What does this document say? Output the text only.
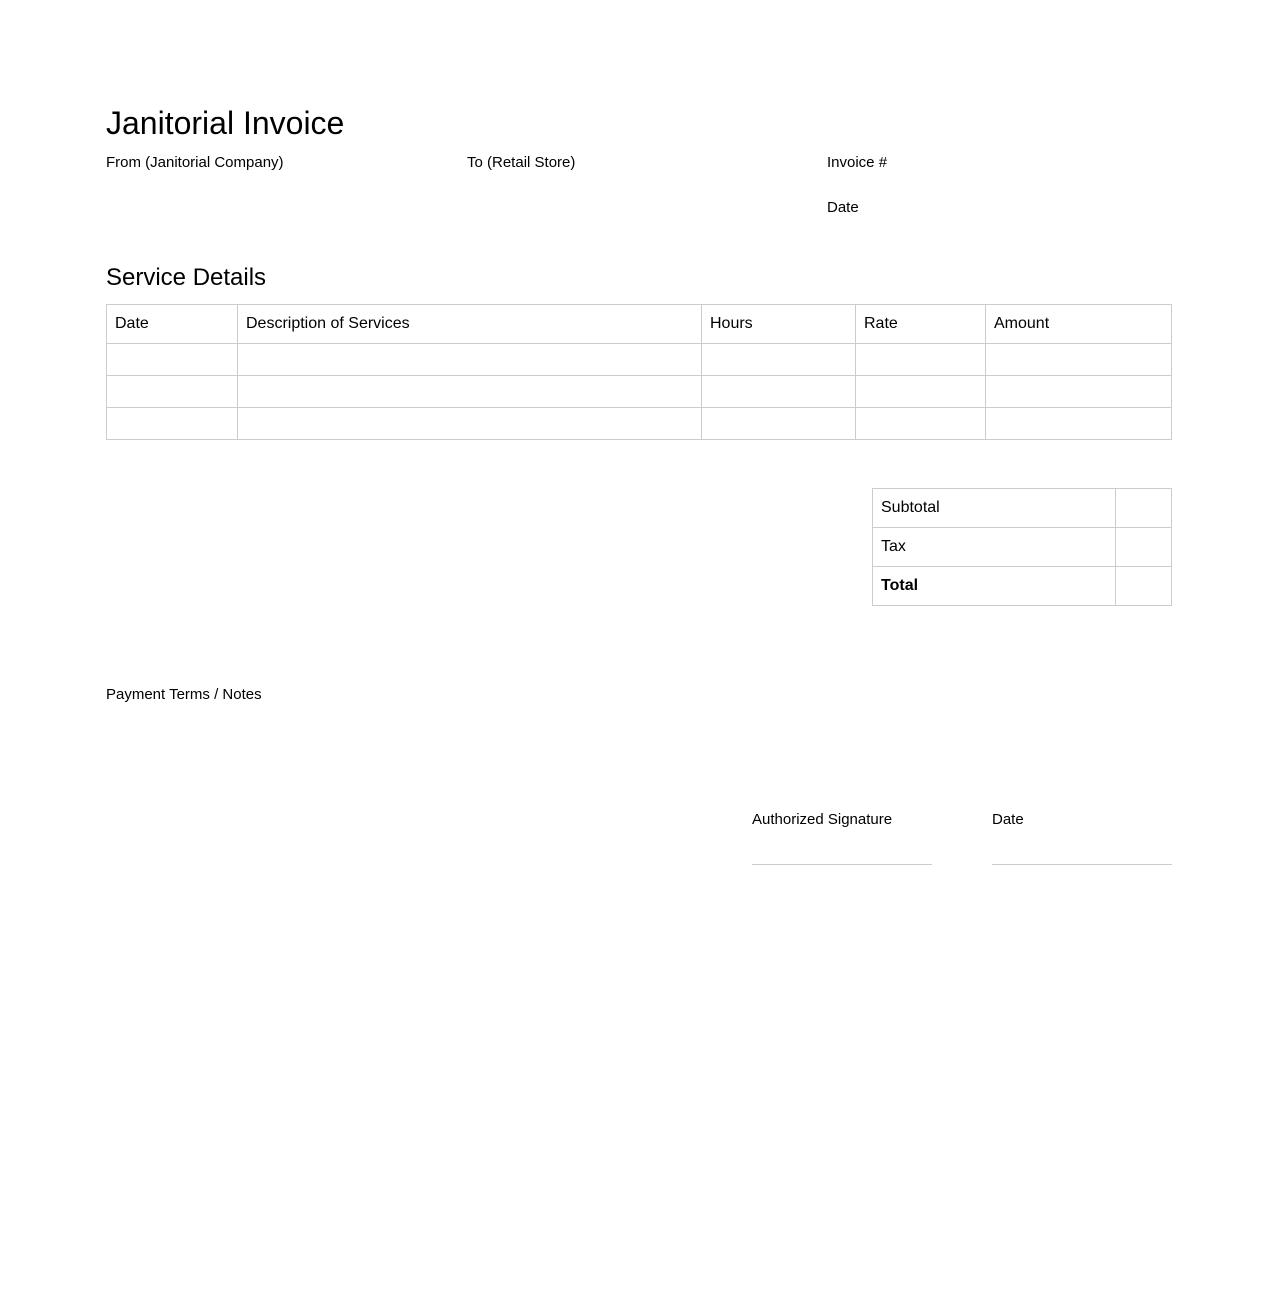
Janitorial Invoice
From (Janitorial Company)	To (Retail Store)	Invoice #
Date
Service Details
Date	Description of Services	Hours	Rate	Amount

Subtotal	
Tax	
Total	
Payment Terms / Notes
Authorized Signature	Date
